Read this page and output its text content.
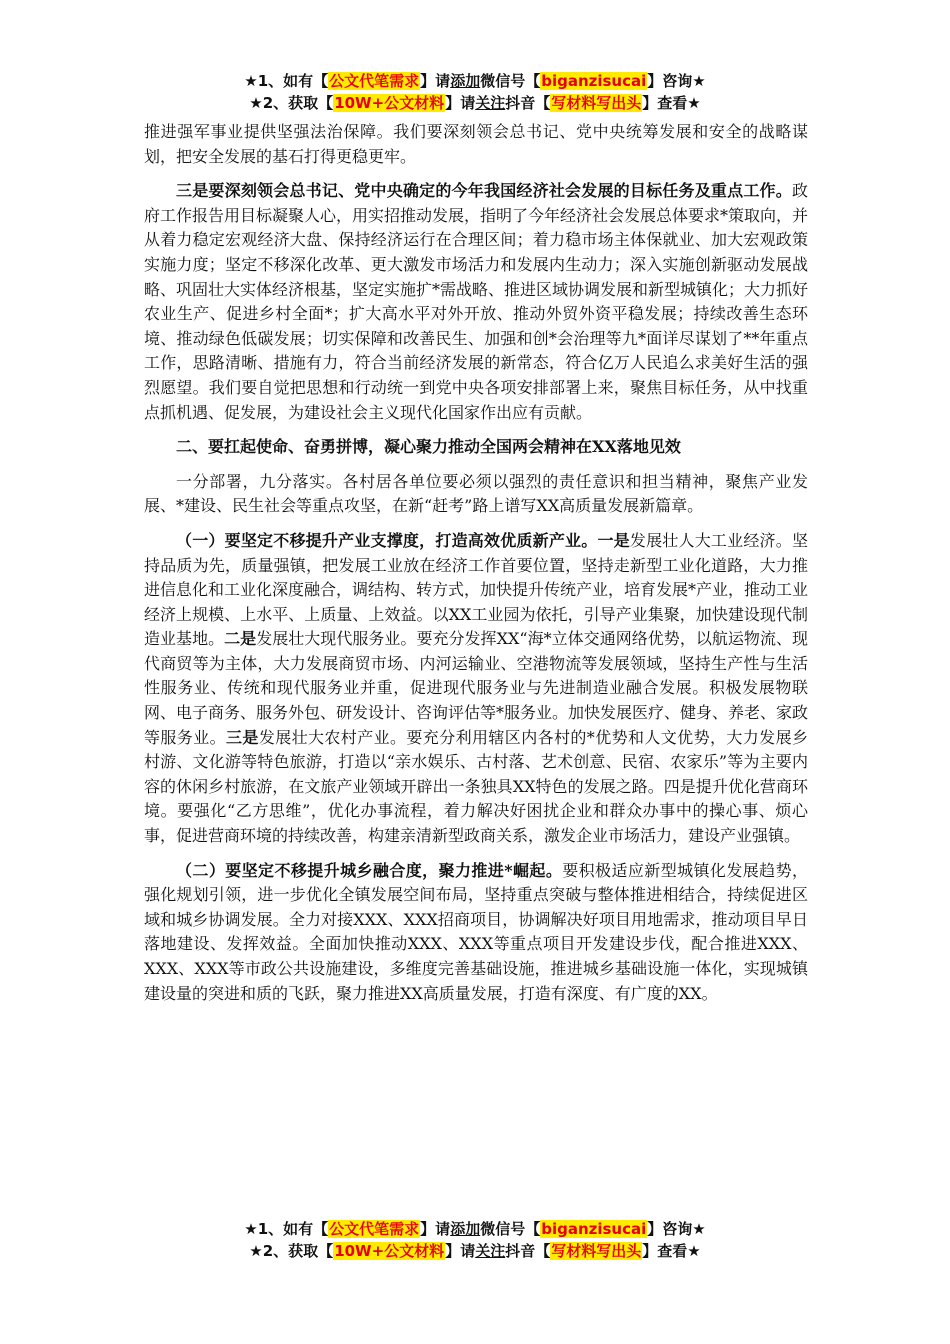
★1、如有【公文代笔需求】请添加微信号【biganzisucai】咨询★
★2、获取【10W+公文材料】请关注抖音【写材料写出头】查看★

推进强军事业提供坚强法治保障。我们要深刻领会总书记、党中央统筹发展和安全的战略谋划，把安全发展的基石打得更稳更牢。

三是要深刻领会总书记、党中央确定的今年我国经济社会发展的目标任务及重点工作。政府工作报告用目标凝聚人心，用实招推动发展，指明了今年经济社会发展总体要求*策取向，并从着力稳定宏观经济大盘、保持经济运行在合理区间；着力稳市场主体保就业、加大宏观政策实施力度；坚定不移深化改革、更大激发市场活力和发展内生动力；深入实施创新驱动发展战略、巩固壮大实体经济根基，坚定实施扩*需战略、推进区域协调发展和新型城镇化；大力抓好农业生产、促进乡村全面*；扩大高水平对外开放、推动外贸外资平稳发展；持续改善生态环境、推动绿色低碳发展；切实保障和改善民生、加强和创*会治理等九*面详尽谋划了**年重点工作，思路清晰、措施有力，符合当前经济发展的新常态，符合亿万人民追么求美好生活的强烈愿望。我们要自觉把思想和行动统一到党中央各项安排部署上来，聚焦目标任务，从中找重点抓机遇、促发展，为建设社会主义现代化国家作出应有贡献。

二、要扛起使命、奋勇拼博，凝心聚力推动全国两会精神在XX落地见效

一分部署，九分落实。各村居各单位要必须以强烈的责任意识和担当精神，聚焦产业发展、*建设、民生社会等重点攻坚，在新“赶考”路上谱写XX高质量发展新篇章。

（一）要坚定不移提升产业支撑度，打造高效优质新产业。一是发展壮人大工业经济。坚持品质为先，质量强镇，把发展工业放在经济工作首要位置，坚持走新型工业化道路，大力推进信息化和工业化深度融合，调结构、转方式，加快提升传统产业，培育发展*产业，推动工业经济上规模、上水平、上质量、上效益。以XX工业园为依托，引导产业集聚，加快建设现代制造业基地。二是发展壮大现代服务业。要充分发挥XX“海*立体交通网络优势，以航运物流、现代商贸等为主体，大力发展商贸市场、内河运输业、空港物流等发展领域，坚持生产性与生活性服务业、传统和现代服务业并重，促进现代服务业与先进制造业融合发展。积极发展物联网、电子商务、服务外包、研发设计、咨询评估等*服务业。加快发展医疗、健身、养老、家政等服务业。三是发展壮大农村产业。要充分利用辖区内各村的*优势和人文优势，大力发展乡村游、文化游等特色旅游，打造以“亲水娱乐、古村落、艺术创意、民宿、农家乐”等为主要内容的休闲乡村旅游，在文旅产业领域开辟出一条独具XX特色的发展之路。四是提升优化营商环境。要强化“乙方思维”，优化办事流程，着力解决好困扰企业和群众办事中的操心事、烦心事，促进营商环境的持续改善，构建亲清新型政商关系，激发企业市场活力，建设产业强镇。

（二）要坚定不移提升城乡融合度，聚力推进*崛起。要积极适应新型城镇化发展趋势，强化规划引领，进一步优化全镇发展空间布局，坚持重点突破与整体推进相结合，持续促进区域和城乡协调发展。全力对接XXX、XXX招商项目，协调解决好项目用地需求，推动项目早日落地建设、发挥效益。全面加快推动XXX、XXX等重点项目开发建设步伐，配合推进XXX、XXX、XXX等市政公共设施建设，多维度完善基础设施，推进城乡基础设施一体化，实现城镇建设量的突进和质的飞跃，聚力推进XX高质量发展，打造有深度、有广度的XX。

★1、如有【公文代笔需求】请添加微信号【biganzisucai】咨询★
★2、获取【10W+公文材料】请关注抖音【写材料写出头】查看★
